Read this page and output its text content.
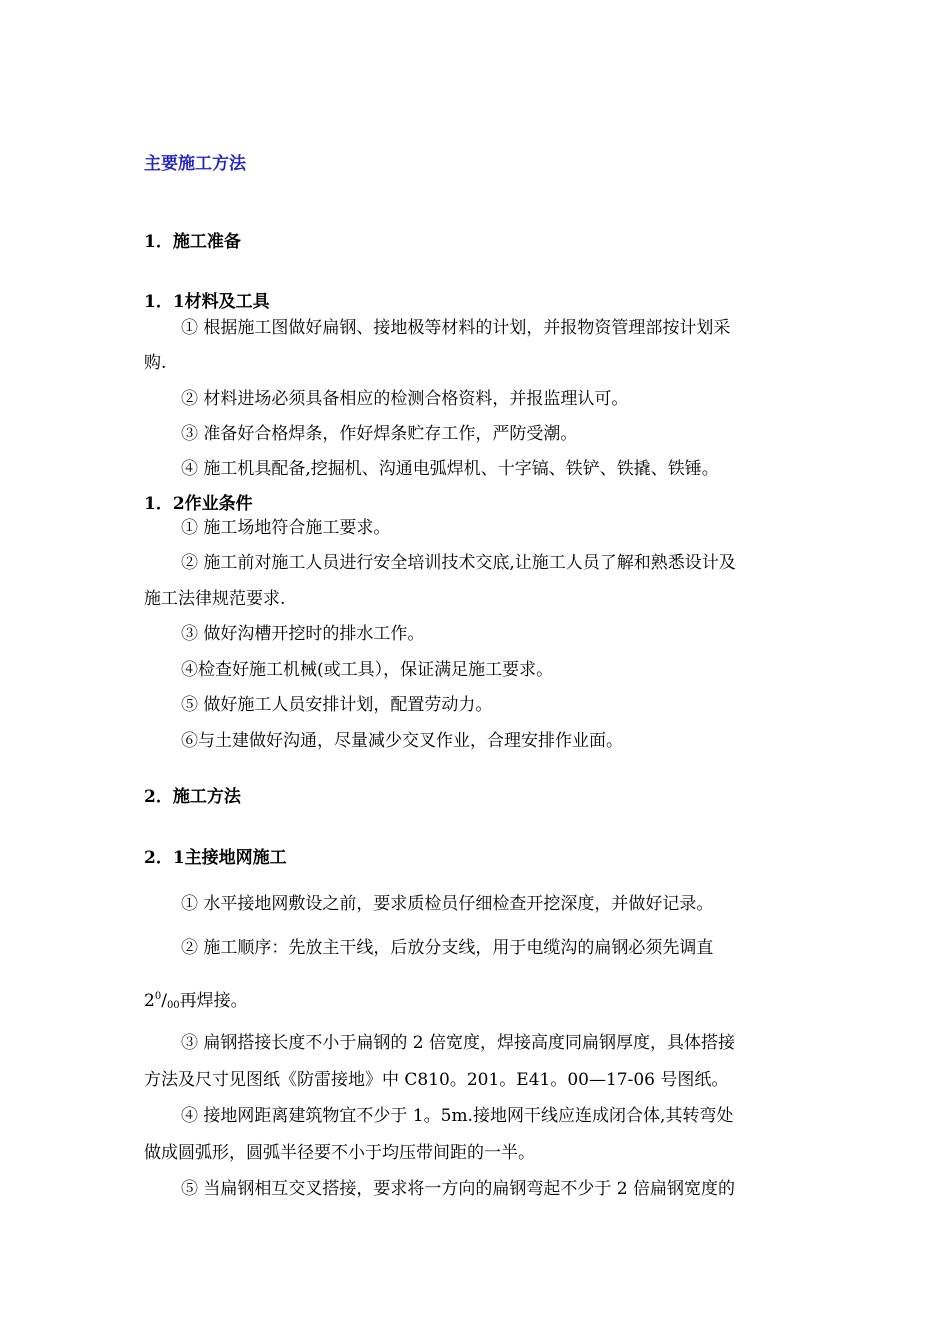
主要施工方法
1．施工准备
1．1材料及工具
① 根据施工图做好扁钢、接地极等材料的计划，并报物资管理部按计划采
购.
② 材料进场必须具备相应的检测合格资料，并报监理认可。
③ 准备好合格焊条，作好焊条贮存工作，严防受潮。
④ 施工机具配备,挖掘机、沟通电弧焊机、十字镐、铁铲、铁撬、铁锤。
1．2作业条件
① 施工场地符合施工要求。
② 施工前对施工人员进行安全培训技术交底,让施工人员了解和熟悉设计及
施工法律规范要求.
③ 做好沟槽开挖时的排水工作。
④检查好施工机械(或工具），保证满足施工要求。
⑤ 做好施工人员安排计划，配置劳动力。
⑥与土建做好沟通，尽量减少交叉作业，合理安排作业面。
2．施工方法
2．1主接地网施工
① 水平接地网敷设之前，要求质检员仔细检查开挖深度，并做好记录。
② 施工顺序：先放主干线，后放分支线，用于电缆沟的扁钢必须先调直
$2^0/_{00}$再焊接。
③ 扁钢搭接长度不小于扁钢的 2 倍宽度，焊接高度同扁钢厚度，具体搭接
方法及尺寸见图纸《防雷接地》中 C810。201。E41。00—17-06 号图纸。
④ 接地网距离建筑物宜不少于 1。5m.接地网干线应连成闭合体,其转弯处
做成圆弧形，圆弧半径要不小于均压带间距的一半。
⑤ 当扁钢相互交叉搭接，要求将一方向的扁钢弯起不少于 2 倍扁钢宽度的
